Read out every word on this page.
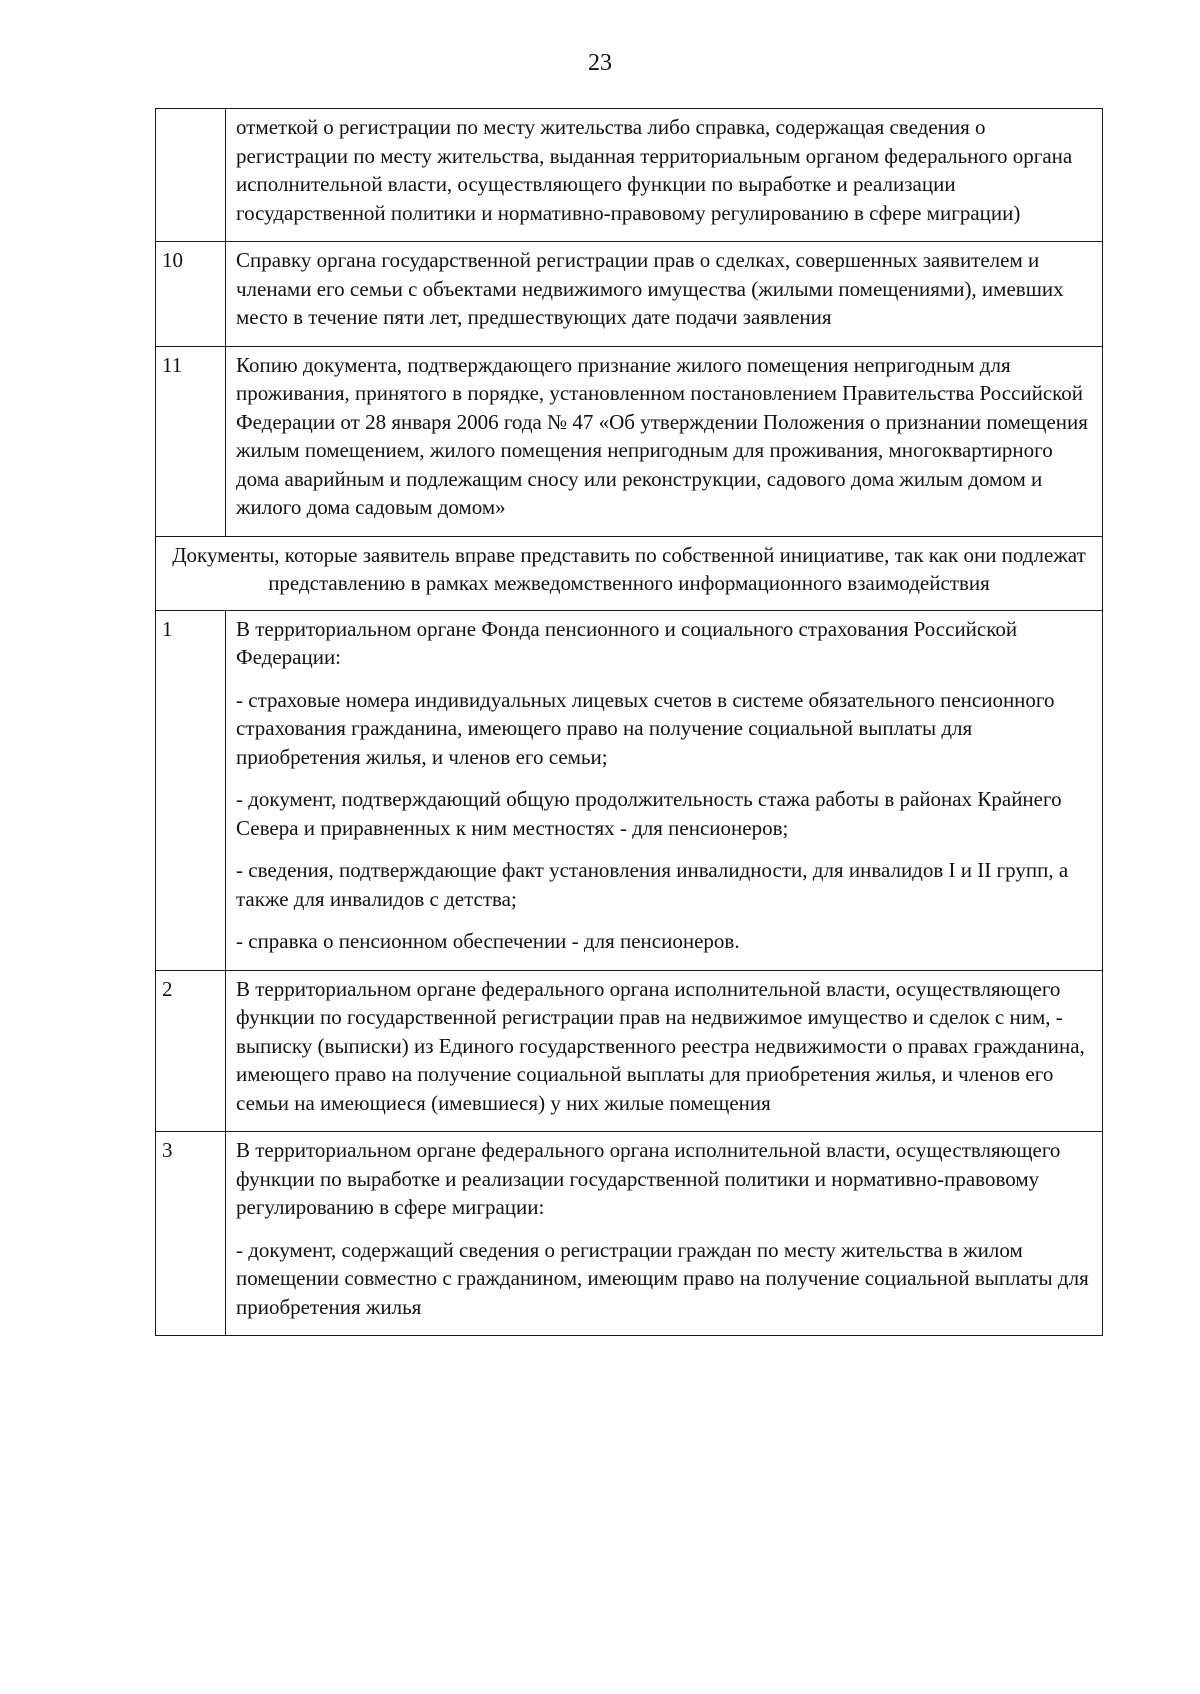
23

	отметкой о регистрации по месту жительства либо справка, содержащая сведения о регистрации по месту жительства, выданная территориальным органом федерального органа исполнительной власти, осуществляющего функции по выработке и реализации государственной политики и нормативно-правовому регулированию в сфере миграции)

10	Справку органа государственной регистрации прав о сделках, совершенных заявителем и членами его семьи с объектами недвижимого имущества (жилыми помещениями), имевших место в течение пяти лет, предшествующих дате подачи заявления

11	Копию документа, подтверждающего признание жилого помещения непригодным для проживания, принятого в порядке, установленном постановлением Правительства Российской Федерации от 28 января 2006 года № 47 «Об утверждении Положения о признании помещения жилым помещением, жилого помещения непригодным для проживания, многоквартирного дома аварийным и подлежащим сносу или реконструкции, садового дома жилым домом и жилого дома садовым домом»

Документы, которые заявитель вправе представить по собственной инициативе, так как они подлежат представлению в рамках межведомственного информационного взаимодействия	
1	В территориальном органе Фонда пенсионного и социального страхования Российской Федерации:

- страховые номера индивидуальных лицевых счетов в системе обязательного пенсионного страхования гражданина, имеющего право на получение социальной выплаты для приобретения жилья, и членов его семьи;

- документ, подтверждающий общую продолжительность стажа работы в районах Крайнего Севера и приравненных к ним местностях - для пенсионеров;

- сведения, подтверждающие факт установления инвалидности, для инвалидов I и II групп, а также для инвалидов с детства;

- справка о пенсионном обеспечении - для пенсионеров.

2	В территориальном органе федерального органа исполнительной власти, осуществляющего функции по государственной регистрации прав на недвижимое имущество и сделок с ним, - выписку (выписки) из Единого государственного реестра недвижимости о правах гражданина, имеющего право на получение социальной выплаты для приобретения жилья, и членов его семьи на имеющиеся (имевшиеся) у них жилые помещения

3	В территориальном органе федерального органа исполнительной власти, осуществляющего функции по выработке и реализации государственной политики и нормативно-правовому регулированию в сфере миграции:

- документ, содержащий сведения о регистрации граждан по месту жительства в жилом помещении совместно с гражданином, имеющим право на получение социальной выплаты для приобретения жилья
